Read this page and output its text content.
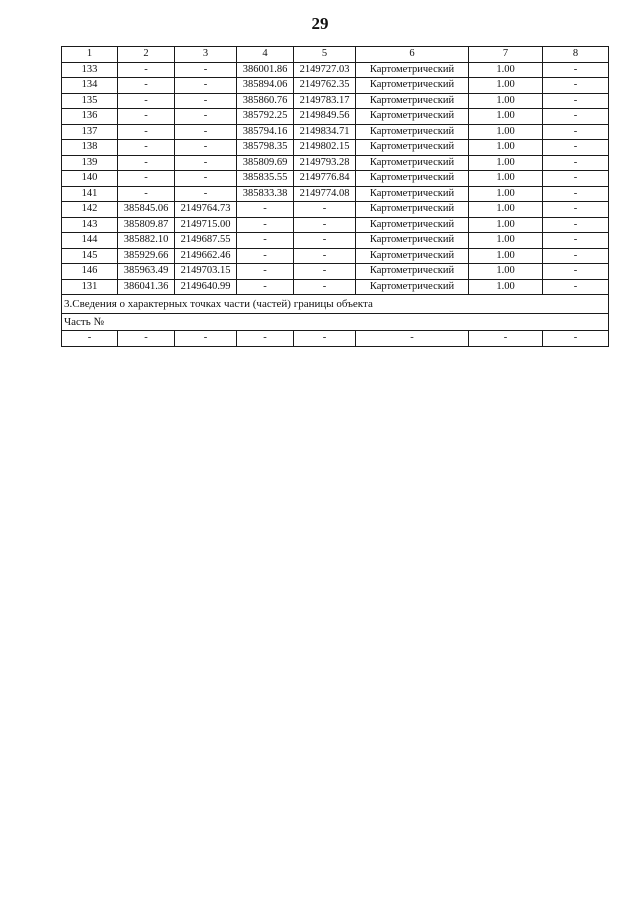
29
1	2	3	4	5	6	7	8
133	-	-	386001.86	2149727.03	Картометрический	1.00	-
134	-	-	385894.06	2149762.35	Картометрический	1.00	-
135	-	-	385860.76	2149783.17	Картометрический	1.00	-
136	-	-	385792.25	2149849.56	Картометрический	1.00	-
137	-	-	385794.16	2149834.71	Картометрический	1.00	-
138	-	-	385798.35	2149802.15	Картометрический	1.00	-
139	-	-	385809.69	2149793.28	Картометрический	1.00	-
140	-	-	385835.55	2149776.84	Картометрический	1.00	-
141	-	-	385833.38	2149774.08	Картометрический	1.00	-
142	385845.06	2149764.73	-	-	Картометрический	1.00	-
143	385809.87	2149715.00	-	-	Картометрический	1.00	-
144	385882.10	2149687.55	-	-	Картометрический	1.00	-
145	385929.66	2149662.46	-	-	Картометрический	1.00	-
146	385963.49	2149703.15	-	-	Картометрический	1.00	-
131	386041.36	2149640.99	-	-	Картометрический	1.00	-
3.Сведения о характерных точках части (частей) границы объекта							
Часть №							
-	-	-	-	-	-	-	-
